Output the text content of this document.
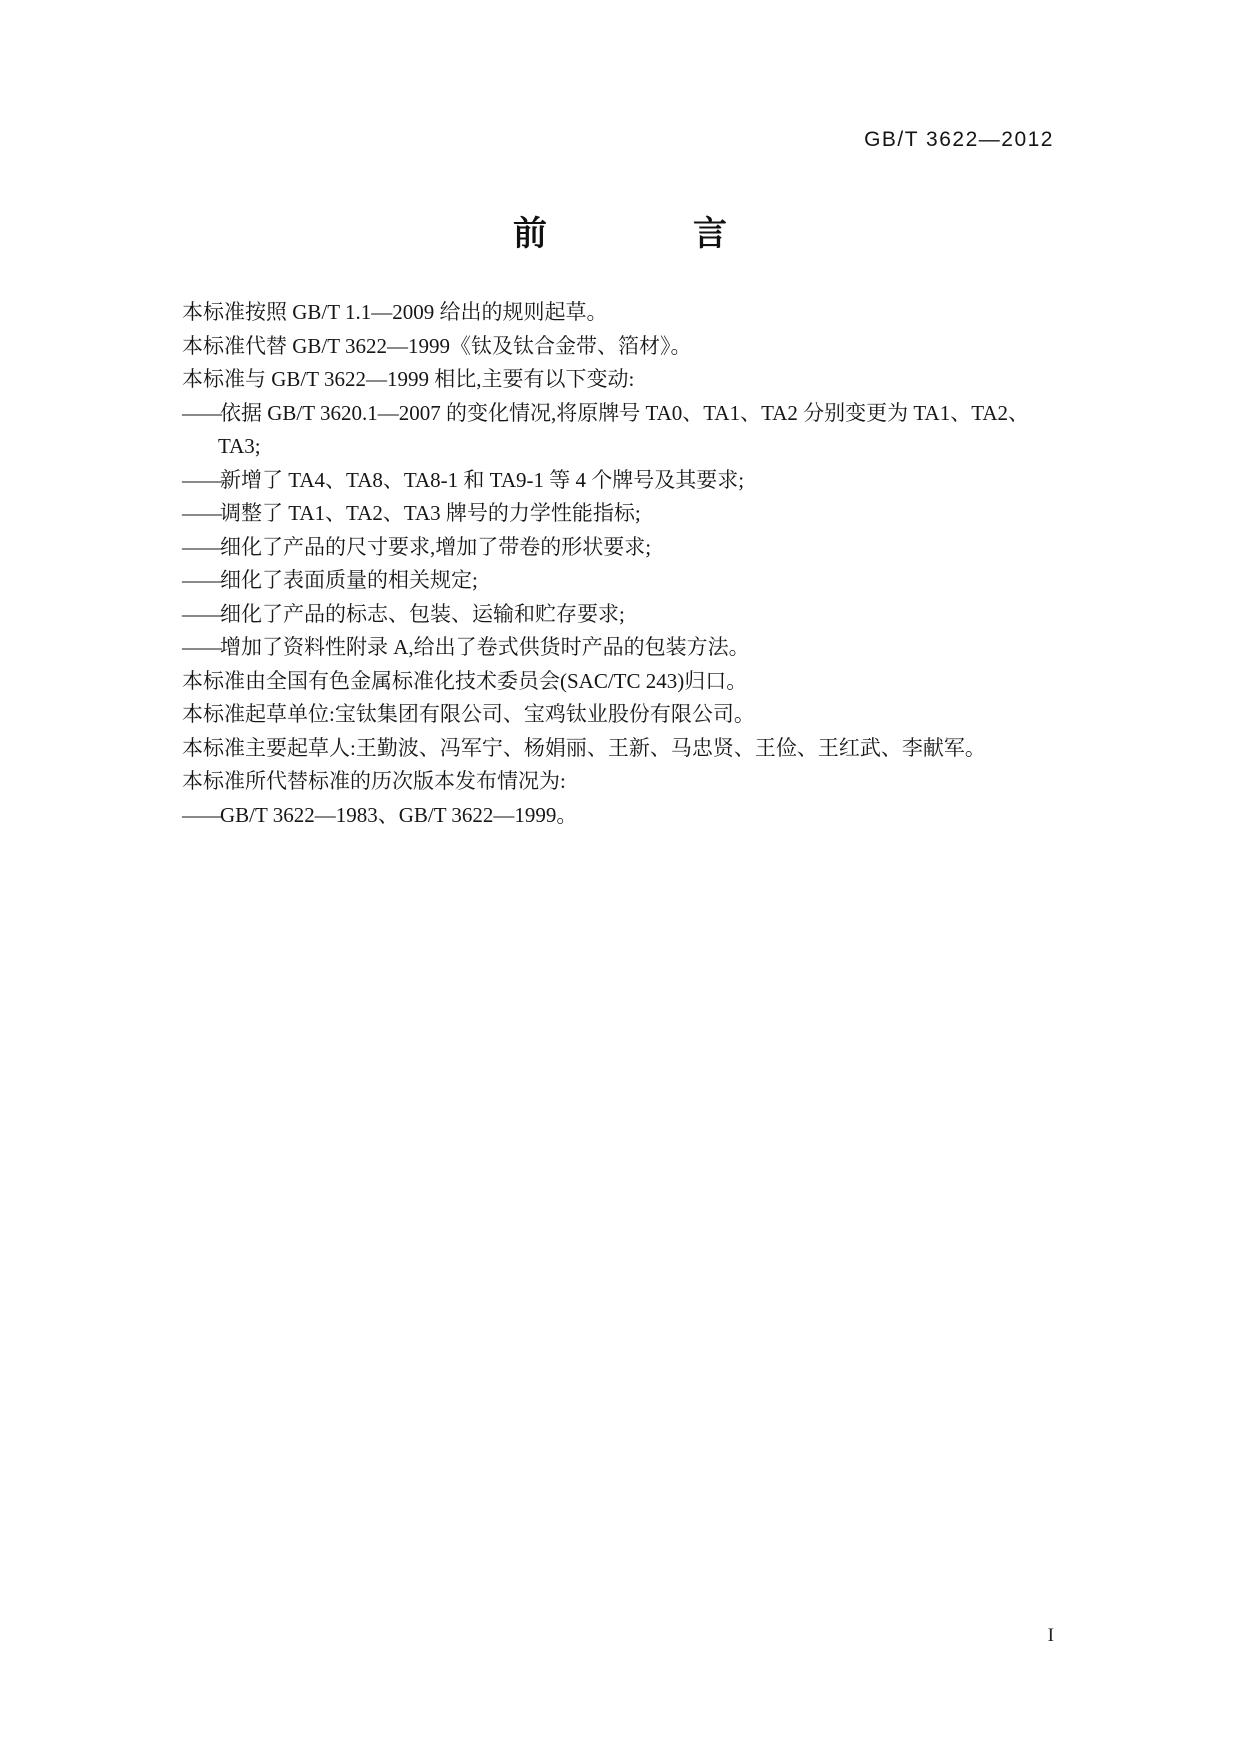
GB/T 3622—2012
前　　言
本标准按照 GB/T 1.1—2009 给出的规则起草。
本标准代替 GB/T 3622—1999《钛及钛合金带、箔材》。
本标准与 GB/T 3622—1999 相比,主要有以下变动:
——依据 GB/T 3620.1—2007 的变化情况,将原牌号 TA0、TA1、TA2 分别变更为 TA1、TA2、TA3;
——新增了 TA4、TA8、TA8-1 和 TA9-1 等 4 个牌号及其要求;
——调整了 TA1、TA2、TA3 牌号的力学性能指标;
——细化了产品的尺寸要求,增加了带卷的形状要求;
——细化了表面质量的相关规定;
——细化了产品的标志、包装、运输和贮存要求;
——增加了资料性附录 A,给出了卷式供货时产品的包装方法。
本标准由全国有色金属标准化技术委员会(SAC/TC 243)归口。
本标准起草单位:宝钛集团有限公司、宝鸡钛业股份有限公司。
本标准主要起草人:王勤波、冯军宁、杨娟丽、王新、马忠贤、王俭、王红武、李献军。
本标准所代替标准的历次版本发布情况为:
——GB/T 3622—1983、GB/T 3622—1999。
I
